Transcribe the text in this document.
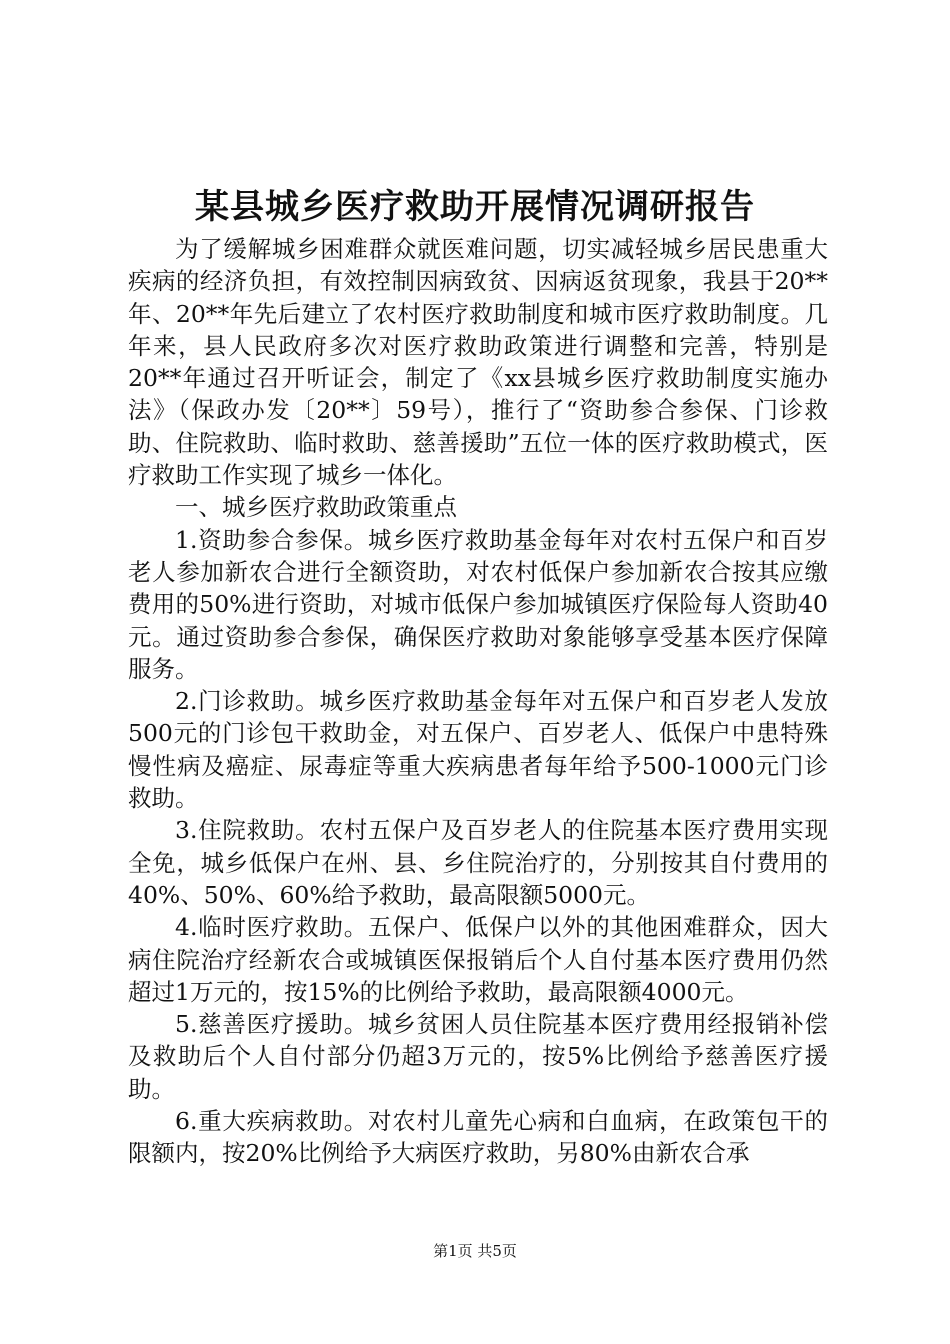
某县城乡医疗救助开展情况调研报告

为了缓解城乡困难群众就医难问题，切实减轻城乡居民患重大疾病的经济负担，有效控制因病致贫、因病返贫现象，我县于20**年、20**年先后建立了农村医疗救助制度和城市医疗救助制度。几年来，县人民政府多次对医疗救助政策进行调整和完善，特别是20**年通过召开听证会，制定了《xx县城乡医疗救助制度实施办法》（保政办发〔20**〕59号），推行了“资助参合参保、门诊救助、住院救助、临时救助、慈善援助”五位一体的医疗救助模式，医疗救助工作实现了城乡一体化。

一、城乡医疗救助政策重点

1.资助参合参保。城乡医疗救助基金每年对农村五保户和百岁老人参加新农合进行全额资助，对农村低保户参加新农合按其应缴费用的50%进行资助，对城市低保户参加城镇医疗保险每人资助40元。通过资助参合参保，确保医疗救助对象能够享受基本医疗保障服务。

2.门诊救助。城乡医疗救助基金每年对五保户和百岁老人发放500元的门诊包干救助金，对五保户、百岁老人、低保户中患特殊慢性病及癌症、尿毒症等重大疾病患者每年给予500-1000元门诊救助。

3.住院救助。农村五保户及百岁老人的住院基本医疗费用实现全免，城乡低保户在州、县、乡住院治疗的，分别按其自付费用的40%、50%、60%给予救助，最高限额5000元。

4.临时医疗救助。五保户、低保户以外的其他困难群众，因大病住院治疗经新农合或城镇医保报销后个人自付基本医疗费用仍然超过1万元的，按15%的比例给予救助，最高限额4000元。

5.慈善医疗援助。城乡贫困人员住院基本医疗费用经报销补偿及救助后个人自付部分仍超3万元的，按5%比例给予慈善医疗援助。

6.重大疾病救助。对农村儿童先心病和白血病，在政策包干的限额内，按20%比例给予大病医疗救助，另80%由新农合承

第1页 共5页
